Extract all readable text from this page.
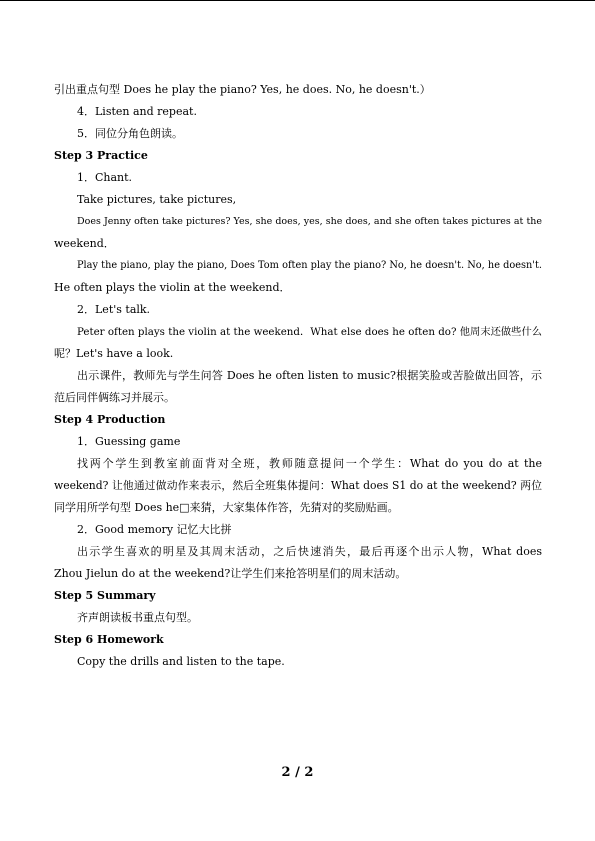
引出重点句型 Does he play the piano? Yes, he does. No, he doesn't.）
4．Listen and repeat.
5．同位分角色朗读。
Step 3 Practice
1．Chant.
Take pictures, take pictures,
Does Jenny often take pictures? Yes, she does, yes, she does, and she often takes pictures at the
weekend．
Play the piano, play the piano, Does Tom often play the piano? No, he doesn't. No, he doesn't.
He often plays the violin at the weekend．
2．Let's talk.
Peter often plays the violin at the weekend．What else does he often do? 他周末还做些什么
呢？Let's have a look.
出示课件，教师先与学生问答 Does he often listen to music?根据笑脸或苦脸做出回答，示
范后同伴俩练习并展示。
Step 4 Production
1．Guessing game
找两个学生到教室前面背对全班，教师随意提问一个学生：What do you do at the
weekend? 让他通过做动作来表示，然后全班集体提问：What does S1 do at the weekend? 两位
同学用所学句型 Does he□来猜，大家集体作答，先猜对的奖励贴画。
2．Good memory 记忆大比拼
出示学生喜欢的明星及其周末活动，之后快速消失，最后再逐个出示人物，What does
Zhou Jielun do at the weekend?让学生们来抢答明星们的周末活动。
Step 5 Summary
齐声朗读板书重点句型。
Step 6 Homework
Copy the drills and listen to the tape.
2 / 2
